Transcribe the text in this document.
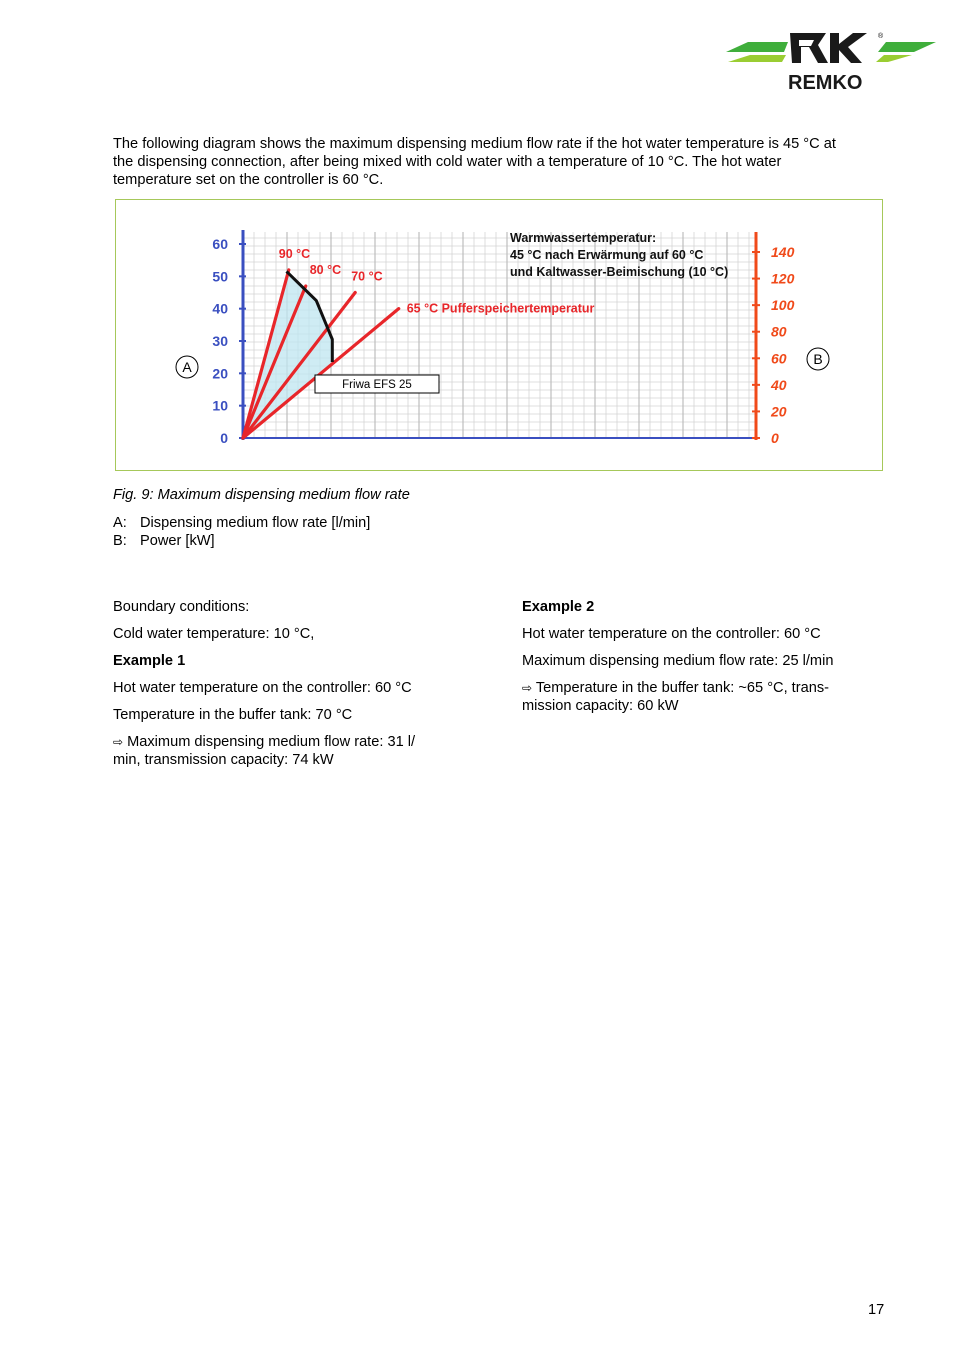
®
REMKO

The following diagram shows the maximum dispensing medium flow rate if the hot water temperature is 45 °C at the dispensing connection, after being mixed with cold water with a temperature of 10 °C. The hot water temperature set on the controller is 60 °C.

0
10
20
30
40
50
60
0
20
40
60
80
100
120
140
90 °C
80 °C 70 °C
65 °C Pufferspeichertemperatur
Warmwassertemperatur:
45 °C nach Erwärmung auf 60 °C
und Kaltwasser-Beimischung (10 °C)
Friwa EFS 25
A	B
Fig. 9: Maximum dispensing medium flow rate
A: Dispensing medium flow rate [l/min]
B: Power [kW]

Boundary conditions:

Cold water temperature: 10 °C,

Example 1

Hot water temperature on the controller: 60 °C

Temperature in the buffer tank: 70 °C

⇨ Maximum dispensing medium flow rate: 31 l/
min, transmission capacity: 74 kW

Example 2

Hot water temperature on the controller: 60 °C

Maximum dispensing medium flow rate: 25 l/min

⇨ Temperature in the buffer tank: ~65 °C, trans-
mission capacity: 60 kW

17
